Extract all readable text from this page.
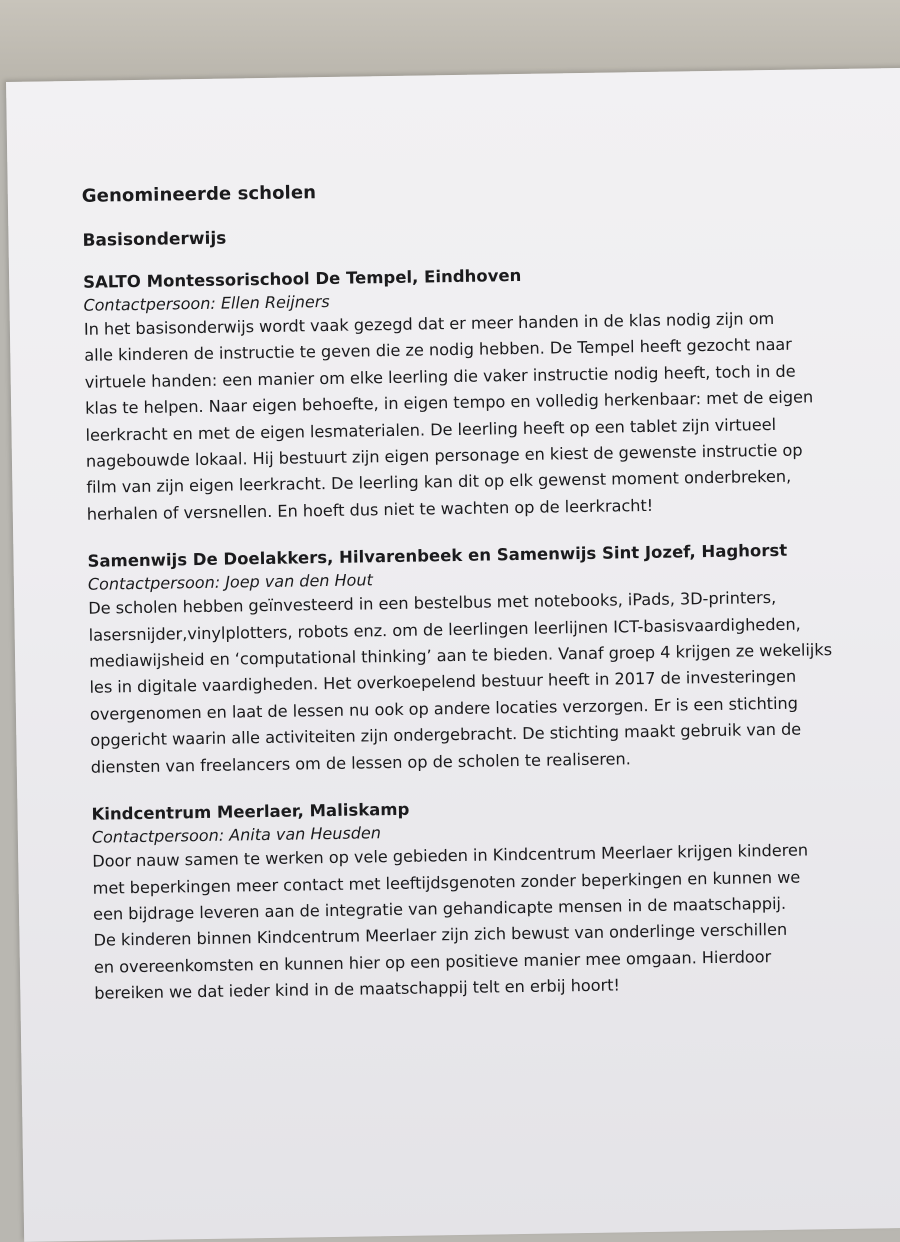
Genomineerde scholen
Basisonderwijs
SALTO Montessorischool De Tempel, Eindhoven
Contactpersoon: Ellen Reijners
In het basisonderwijs wordt vaak gezegd dat er meer handen in de klas nodig zijn om
alle kinderen de instructie te geven die ze nodig hebben. De Tempel heeft gezocht naar
virtuele handen: een manier om elke leerling die vaker instructie nodig heeft, toch in de
klas te helpen. Naar eigen behoefte, in eigen tempo en volledig herkenbaar: met de eigen
leerkracht en met de eigen lesmaterialen. De leerling heeft op een tablet zijn virtueel
nagebouwde lokaal. Hij bestuurt zijn eigen personage en kiest de gewenste instructie op
film van zijn eigen leerkracht. De leerling kan dit op elk gewenst moment onderbreken,
herhalen of versnellen. En hoeft dus niet te wachten op de leerkracht!
Samenwijs De Doelakkers, Hilvarenbeek en Samenwijs Sint Jozef, Haghorst
Contactpersoon: Joep van den Hout
De scholen hebben geïnvesteerd in een bestelbus met notebooks, iPads, 3D-printers,
lasersnijder,vinylplotters, robots enz. om de leerlingen leerlijnen ICT-basisvaardigheden,
mediawijsheid en ‘computational thinking’ aan te bieden. Vanaf groep 4 krijgen ze wekelijks
les in digitale vaardigheden. Het overkoepelend bestuur heeft in 2017 de investeringen
overgenomen en laat de lessen nu ook op andere locaties verzorgen. Er is een stichting
opgericht waarin alle activiteiten zijn ondergebracht. De stichting maakt gebruik van de
diensten van freelancers om de lessen op de scholen te realiseren.
Kindcentrum Meerlaer, Maliskamp
Contactpersoon: Anita van Heusden
Door nauw samen te werken op vele gebieden in Kindcentrum Meerlaer krijgen kinderen
met beperkingen meer contact met leeftijdsgenoten zonder beperkingen en kunnen we
een bijdrage leveren aan de integratie van gehandicapte mensen in de maatschappij.
De kinderen binnen Kindcentrum Meerlaer zijn zich bewust van onderlinge verschillen
en overeenkomsten en kunnen hier op een positieve manier mee omgaan. Hierdoor
bereiken we dat ieder kind in de maatschappij telt en erbij hoort!
